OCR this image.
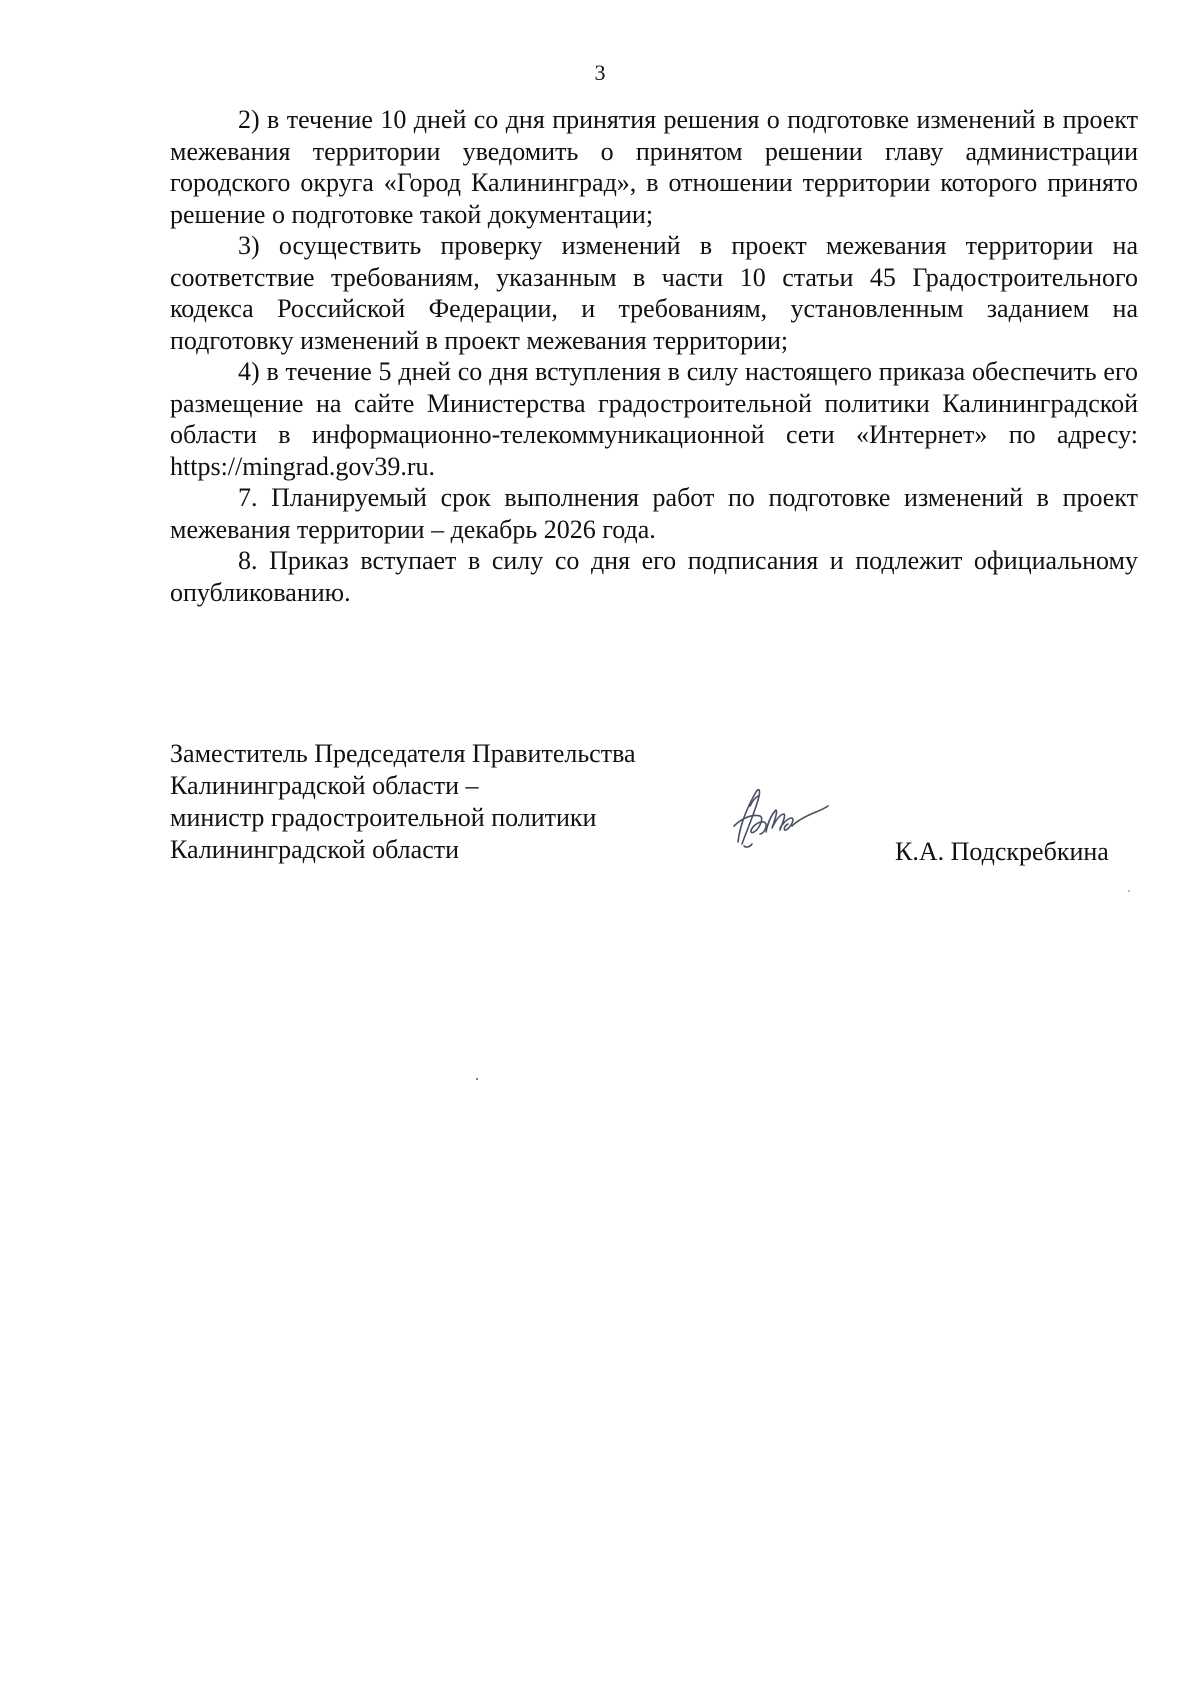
3

2) в течение 10 дней со дня принятия решения о подготовке изменений в проект межевания территории уведомить о принятом решении главу администрации городского округа «Город Калининград», в отношении территории которого принято решение о подготовке такой документации;

3) осуществить проверку изменений в проект межевания территории на соответствие требованиям, указанным в части 10 статьи 45 Градостроительного кодекса Российской Федерации, и требованиям, установленным заданием на подготовку изменений в проект межевания территории;

4) в течение 5 дней со дня вступления в силу настоящего приказа обеспечить его размещение на сайте Министерства градостроительной политики Калининградской области в информационно-телекоммуникационной сети «Интернет» по адресу: https://mingrad.gov39.ru.

7. Планируемый срок выполнения работ по подготовке изменений в проект межевания территории – декабрь 2026 года.

8. Приказ вступает в силу со дня его подписания и подлежит официальному опубликованию.

Заместитель Председателя Правительства
Калининградской области –
министр градостроительной политики
Калининградской области	К.А. Подскребкина
